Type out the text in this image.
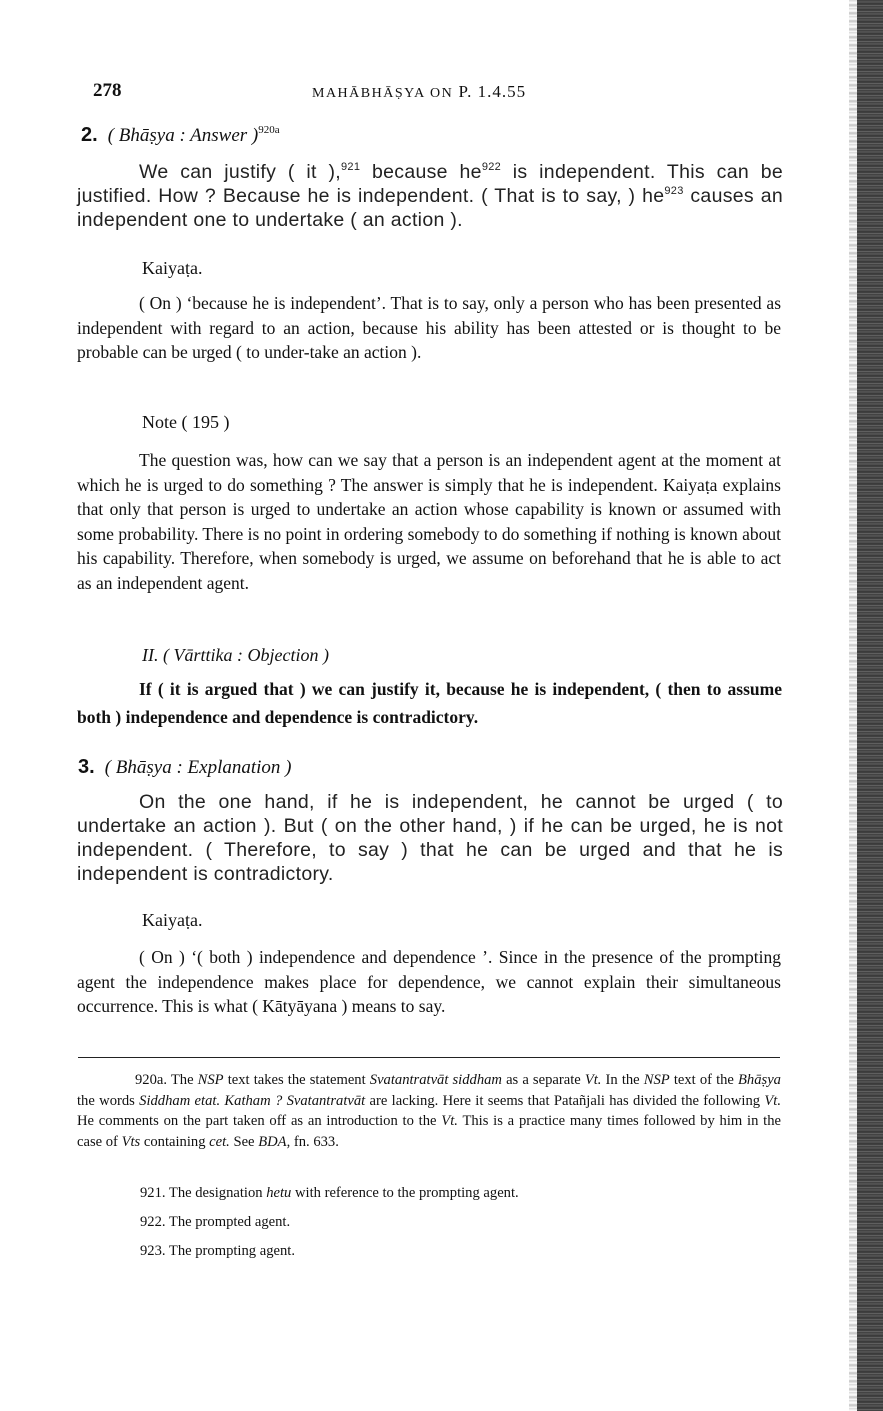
278	MAHĀBHĀṢYA ON P. 1.4.55
2. ( Bhāṣya : Answer )$^{920a}$

We can justify ( it ),$^{921}$ because $he^{922}$ is independent. This can be justified. How ? Because he is independent. ( That is to say, ) $he^{923}$ causes an independent one to undertake ( an action ).

Kaiyaṭa.

( On ) ‘because he is independent’. That is to say, only a person who has been presented as independent with regard to an action, because his ability has been attested or is thought to be probable can be urged ( to under-take an action ).

Note ( 195 )

The question was, how can we say that a person is an independent agent at the moment at which he is urged to do something ? The answer is simply that he is independent. Kaiyaṭa explains that only that person is urged to undertake an action whose capability is known or assumed with some probability. There is no point in ordering somebody to do something if nothing is known about his capability. Therefore, when somebody is urged, we assume on beforehand that he is able to act as an independent agent.

II. ( Vārttika : Objection )

If ( it is argued that ) we can justify it, because he is independent, ( then to assume both ) independence and dependence is contradictory.

3. ( Bhāṣya : Explanation )

On the one hand, if he is independent, he cannot be urged ( to undertake an action ). But ( on the other hand, ) if he can be urged, he is not independent. ( Therefore, to say ) that he can be urged and that he is independent is contradictory.

Kaiyaṭa.

( On ) ‘( both ) independence and dependence ’. Since in the presence of the prompting agent the independence makes place for dependence, we cannot explain their simultaneous occurrence. This is what ( Kātyāyana ) means to say.

920a. The NSP text takes the statement Svatantratvāt siddham as a separate Vt. In the NSP text of the Bhāṣya the words Siddham etat. Katham ? Svatantratvāt are lacking. Here it seems that Patañjali has divided the following Vt. He comments on the part taken off as an introduction to the Vt. This is a practice many times followed by him in the case of Vts containing cet. See BDA, fn. 633.

921. The designation hetu with reference to the prompting agent.
922. The prompted agent.
923. The prompting agent.
